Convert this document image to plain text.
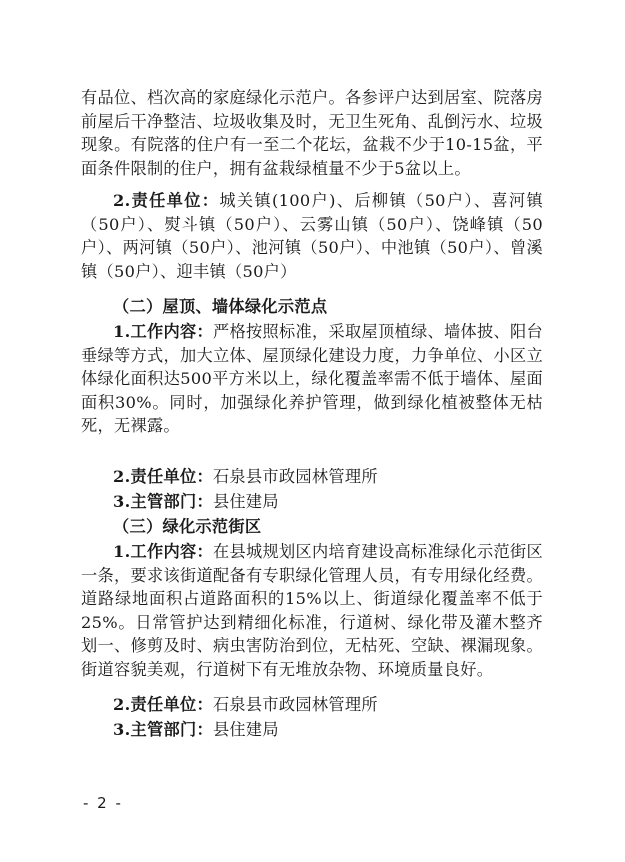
有品位、档次高的家庭绿化示范户。各参评户达到居室、院落房前屋后干净整洁、垃圾收集及时，无卫生死角、乱倒污水、垃圾现象。有院落的住户有一至二个花坛，盆栽不少于10-15盆，平面条件限制的住户，拥有盆栽绿植量不少于5盆以上。

2.责任单位：城关镇(100户)、后柳镇（50户）、喜河镇（50户）、熨斗镇（50户）、云雾山镇（50户）、饶峰镇（50户）、两河镇（50户）、池河镇（50户）、中池镇（50户）、曾溪镇（50户）、迎丰镇（50户）

（二）屋顶、墙体绿化示范点

1.工作内容：严格按照标准，采取屋顶植绿、墙体披、阳台垂绿等方式，加大立体、屋顶绿化建设力度，力争单位、小区立体绿化面积达500平方米以上，绿化覆盖率需不低于墙体、屋面面积30%。同时，加强绿化养护管理，做到绿化植被整体无枯死，无裸露。

2.责任单位：石泉县市政园林管理所

3.主管部门：县住建局

（三）绿化示范街区

1.工作内容：在县城规划区内培育建设高标准绿化示范街区一条，要求该街道配备有专职绿化管理人员，有专用绿化经费。道路绿地面积占道路面积的15%以上、街道绿化覆盖率不低于25%。日常管护达到精细化标准，行道树、绿化带及灌木整齐划一、修剪及时、病虫害防治到位，无枯死、空缺、裸漏现象。街道容貌美观，行道树下有无堆放杂物、环境质量良好。

2.责任单位：石泉县市政园林管理所

3.主管部门：县住建局

- 2 -
